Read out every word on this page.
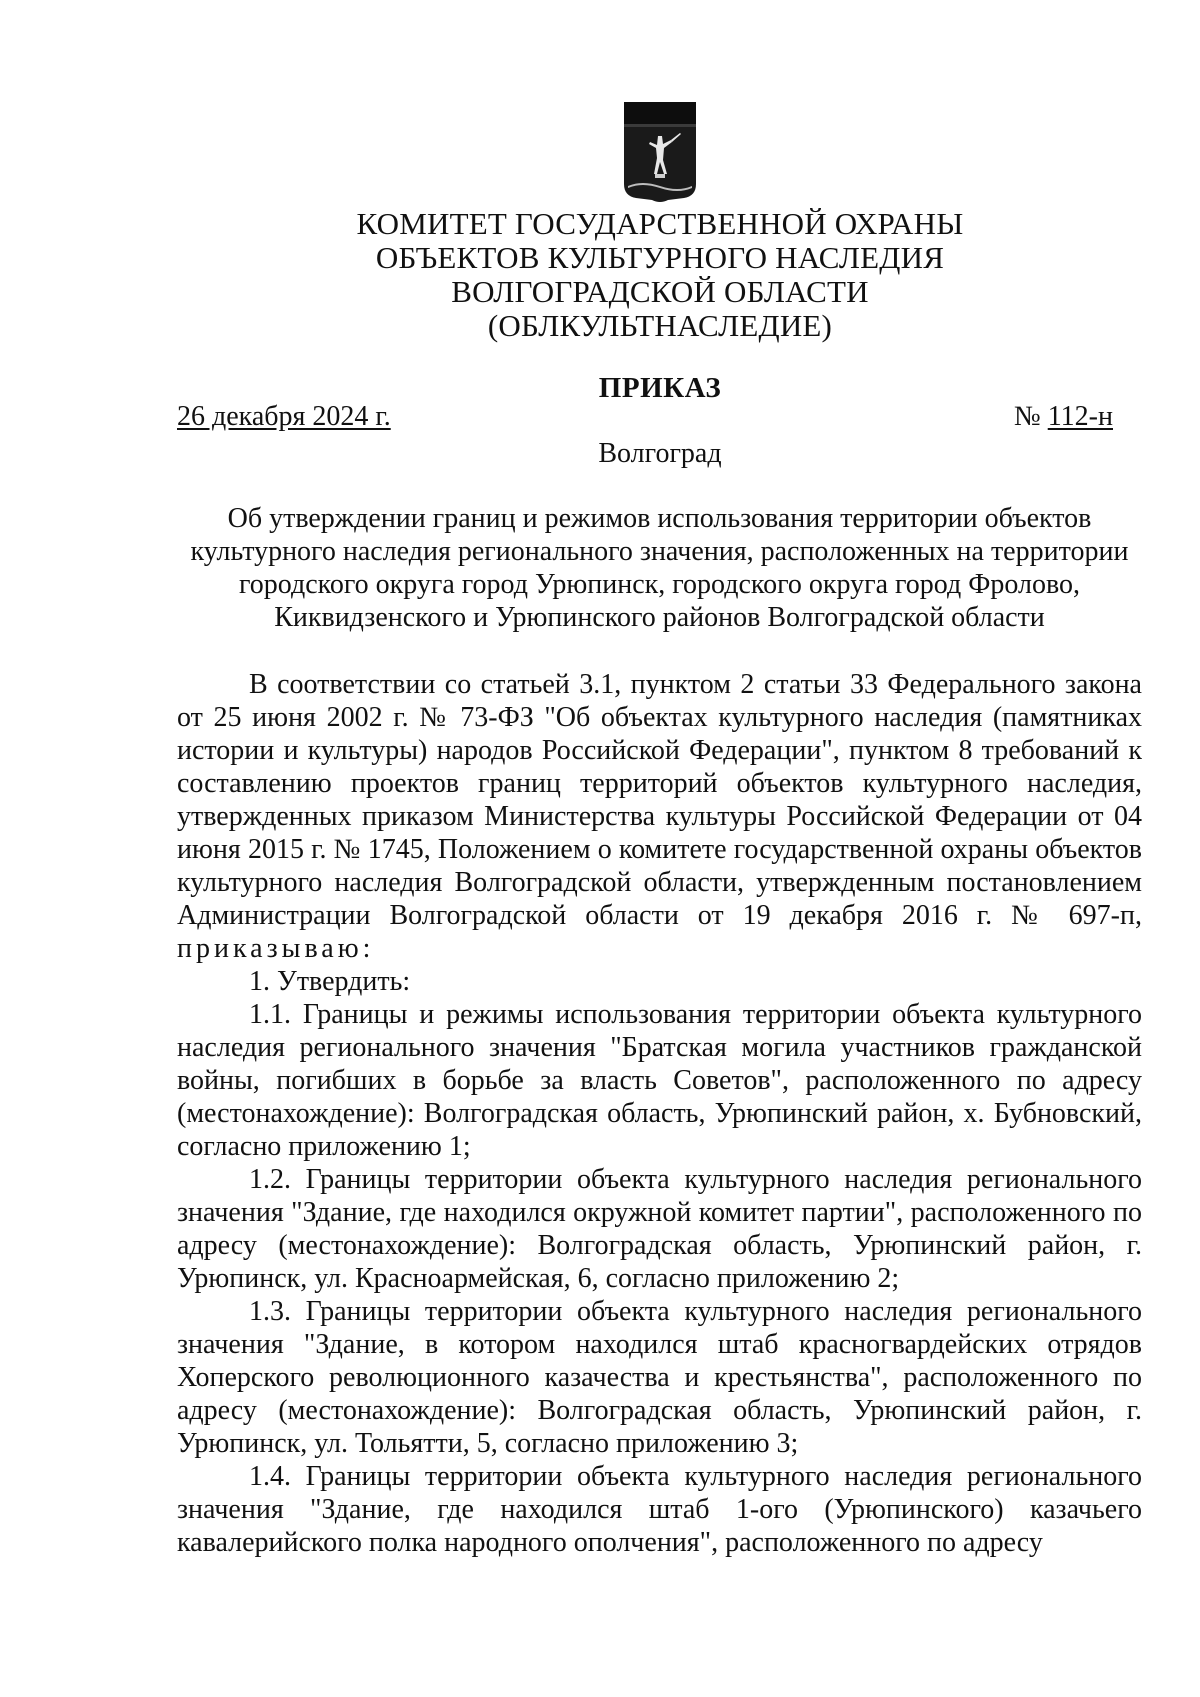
КОМИТЕТ ГОСУДАРСТВЕННОЙ ОХРАНЫ
ОБЪЕКТОВ КУЛЬТУРНОГО НАСЛЕДИЯ
ВОЛГОГРАДСКОЙ ОБЛАСТИ
(ОБЛКУЛЬТНАСЛЕДИЕ)
ПРИКАЗ
26 декабря 2024 г.	№ 112-н
Волгоград
Об утверждении границ и режимов использования территории объектов культурного наследия регионального значения, расположенных на территории городского округа город Урюпинск, городского округа город Фролово, Киквидзенского и Урюпинского районов Волгоградской области

В соответствии со статьей 3.1, пунктом 2 статьи 33 Федерального закона от 25 июня 2002 г. № 73-ФЗ "Об объектах культурного наследия (памятниках истории и культуры) народов Российской Федерации", пунктом 8 требований к составлению проектов границ территорий объектов культурного наследия, утвержденных приказом Министерства культуры Российской Федерации от 04 июня 2015 г. № 1745, Положением о комитете государственной охраны объектов культурного наследия Волгоградской области, утвержденным постановлением Администрации Волгоградской области от 19 декабря 2016 г. № 697-п, приказываю:

1. Утвердить:

1.1. Границы и режимы использования территории объекта культурного наследия регионального значения "Братская могила участников гражданской войны, погибших в борьбе за власть Советов", расположенного по адресу (местонахождение): Волгоградская область, Урюпинский район, х. Бубновский, согласно приложению 1;

1.2. Границы территории объекта культурного наследия регионального значения "Здание, где находился окружной комитет партии", расположенного по адресу (местонахождение): Волгоградская область, Урюпинский район, г. Урюпинск, ул. Красноармейская, 6, согласно приложению 2;

1.3. Границы территории объекта культурного наследия регионального значения "Здание, в котором находился штаб красногвардейских отрядов Хоперского революционного казачества и крестьянства", расположенного по адресу (местонахождение): Волгоградская область, Урюпинский район, г. Урюпинск, ул. Тольятти, 5, согласно приложению 3;

1.4. Границы территории объекта культурного наследия регионального значения "Здание, где находился штаб 1-ого (Урюпинского) казачьего кавалерийского полка народного ополчения", расположенного по адресу
